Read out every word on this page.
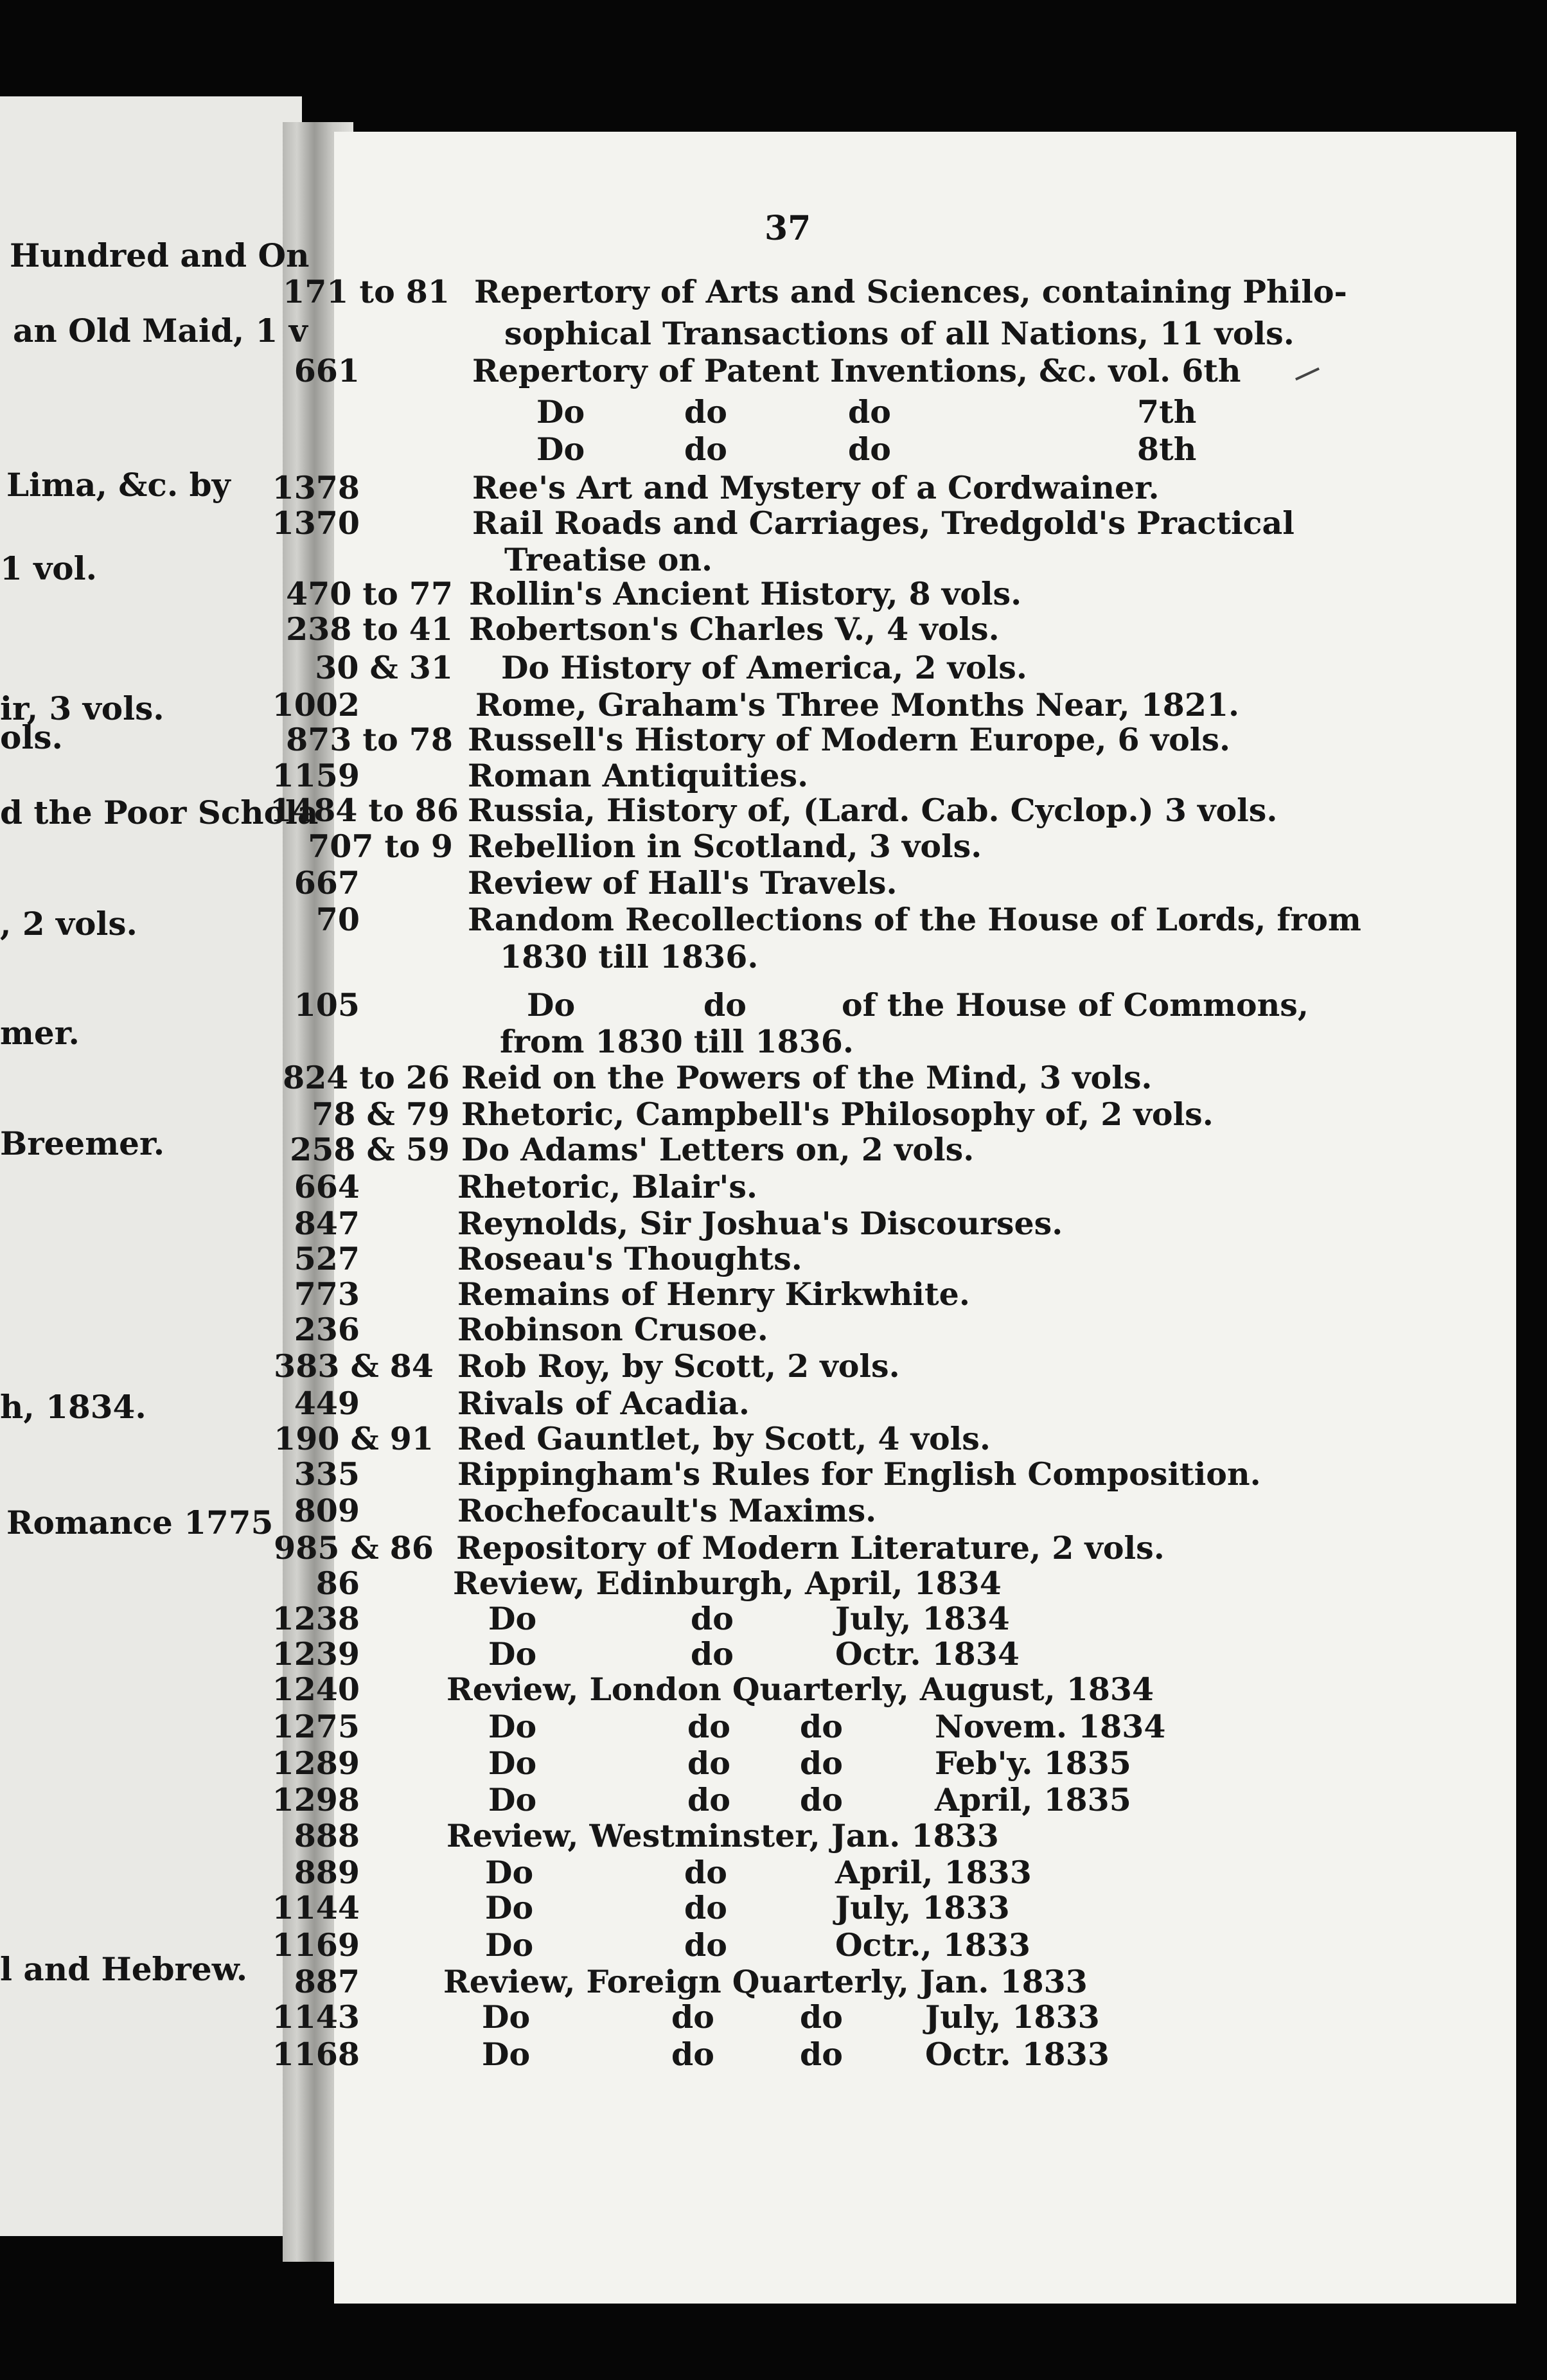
Hundred and On
an Old Maid, 1 v
Lima, &c. by
1 vol.
ir, 3 vols.
ols.
d the Poor Schola
, 2 vols.
mer.
Breemer.
h, 1834.
Romance 1775
l and Hebrew.
37
171 to 81 Repertory of Arts and Sciences, containing Philo-
sophical Transactions of all Nations, 11 vols.
661	Repertory of Patent Inventions, &c. vol. 6th
Do	do	do	7th
Do	do	do	8th
1378	Ree's Art and Mystery of a Cordwainer.
1370	Rail Roads and Carriages, Tredgold's Practical
Treatise on.
470 to 77 Rollin's Ancient History, 8 vols.
238 to 41 Robertson's Charles V., 4 vols.
30 & 31 Do History of America, 2 vols.
1002	Rome, Graham's Three Months Near, 1821.
873 to 78 Russell's History of Modern Europe, 6 vols.
1159	Roman Antiquities.
1484 to 86 Russia, History of, (Lard. Cab. Cyclop.) 3 vols.
707 to 9 Rebellion in Scotland, 3 vols.
667	Review of Hall's Travels.
70	Random Recollections of the House of Lords, from
1830 till 1836.
105	Do	do	of the House of Commons,
from 1830 till 1836.
824 to 26 Reid on the Powers of the Mind, 3 vols.
78 & 79 Rhetoric, Campbell's Philosophy of, 2 vols.
258 & 59 Do Adams' Letters on, 2 vols.
664	Rhetoric, Blair's.
847	Reynolds, Sir Joshua's Discourses.
527	Roseau's Thoughts.
773	Remains of Henry Kirkwhite.
236	Robinson Crusoe.
383 & 84 Rob Roy, by Scott, 2 vols.
449	Rivals of Acadia.
190 & 91 Red Gauntlet, by Scott, 4 vols.
335	Rippingham's Rules for English Composition.
809	Rochefocault's Maxims.
985 & 86 Repository of Modern Literature, 2 vols.
86	Review, Edinburgh, April, 1834
1238	Do	do	July, 1834
1239	Do	do	Octr. 1834
1240	Review, London Quarterly, August, 1834
1275	Do	do do	Novem. 1834
1289	Do	do do	Feb'y. 1835
1298	Do	do do	April, 1835
888	Review, Westminster, Jan. 1833
889	Do	do	April, 1833
1144	Do	do	July, 1833
1169	Do	do	Octr., 1833
887	Review, Foreign Quarterly, Jan. 1833
1143	Do	do	do	July, 1833
1168	Do	do	do	Octr. 1833
